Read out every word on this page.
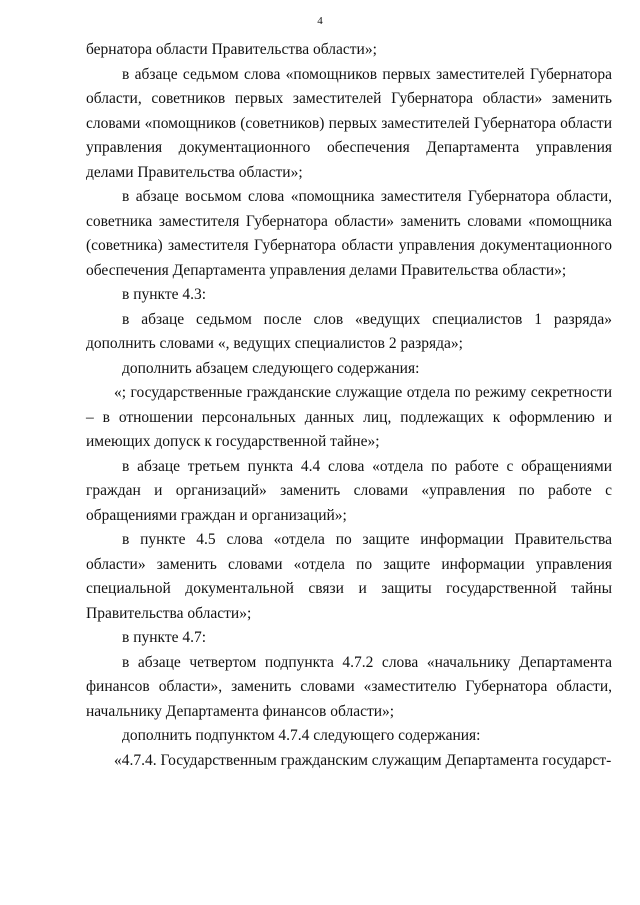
4

бернатора области Правительства области»;

в абзаце седьмом слова «помощников первых заместителей Губернатора области, советников первых заместителей Губернатора области» заменить словами «помощников (советников) первых заместителей Губернатора области управления документационного обеспечения Департамента управления делами Правительства области»;

в абзаце восьмом слова «помощника заместителя Губернатора области, советника заместителя Губернатора области» заменить словами «помощника (советника) заместителя Губернатора области управления документационного обеспечения Департамента управления делами Правительства области»;

в пункте 4.3:

в абзаце седьмом после слов «ведущих специалистов 1 разряда» дополнить словами «, ведущих специалистов 2 разряда»;

дополнить абзацем следующего содержания:

«; государственные гражданские служащие отдела по режиму секретности – в отношении персональных данных лиц, подлежащих к оформлению и имеющих допуск к государственной тайне»;

в абзаце третьем пункта 4.4 слова «отдела по работе с обращениями граждан и организаций» заменить словами «управления по работе с обращениями граждан и организаций»;

в пункте 4.5 слова «отдела по защите информации Правительства области» заменить словами «отдела по защите информации управления специальной документальной связи и защиты государственной тайны Правительства области»;

в пункте 4.7:

в абзаце четвертом подпункта 4.7.2 слова «начальнику Департамента финансов области», заменить словами «заместителю Губернатора области, начальнику Департамента финансов области»;

дополнить подпунктом 4.7.4 следующего содержания:

«4.7.4. Государственным гражданским служащим Департамента государст-
